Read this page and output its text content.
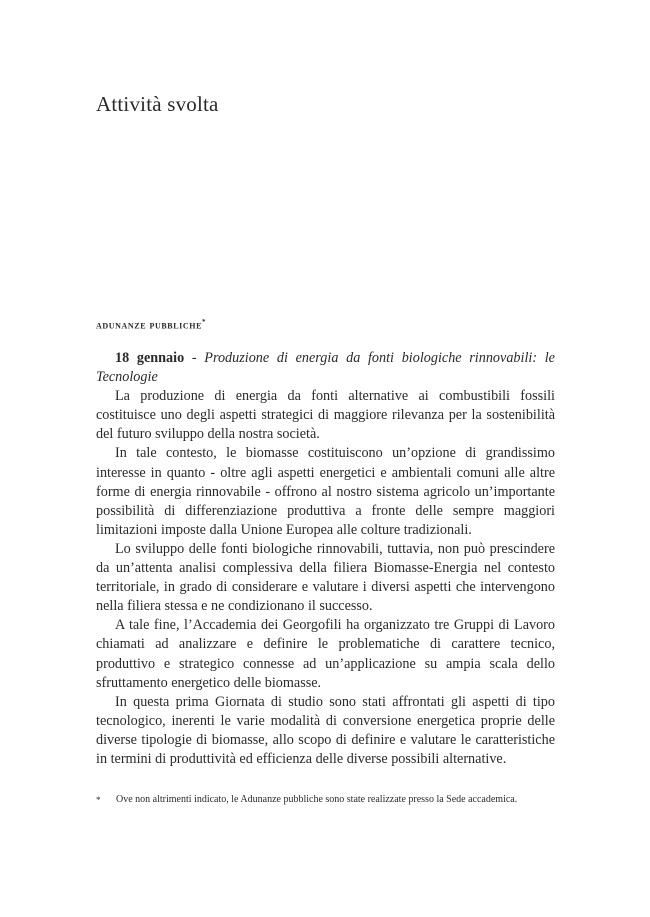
Attività svolta
adunanze pubbliche*

18 gennaio - Produzione di energia da fonti biologiche rinnovabili: le Tecnologie

La produzione di energia da fonti alternative ai combustibili fossili costituisce uno degli aspetti strategici di maggiore rilevanza per la sostenibilità del futuro sviluppo della nostra società.

In tale contesto, le biomasse costituiscono un’opzione di grandissimo interesse in quanto - oltre agli aspetti energetici e ambientali comuni alle altre forme di energia rinnovabile - offrono al nostro sistema agricolo un’importante possibilità di differenziazione produttiva a fronte delle sempre maggiori limitazioni imposte dalla Unione Europea alle colture tradizionali.

Lo sviluppo delle fonti biologiche rinnovabili, tuttavia, non può prescindere da un’attenta analisi complessiva della filiera Biomasse-Energia nel contesto territoriale, in grado di considerare e valutare i diversi aspetti che intervengono nella filiera stessa e ne condizionano il successo.

A tale fine, l’Accademia dei Georgofili ha organizzato tre Gruppi di Lavoro chiamati ad analizzare e definire le problematiche di carattere tecnico, produttivo e strategico connesse ad un’applicazione su ampia scala dello sfruttamento energetico delle biomasse.

In questa prima Giornata di studio sono stati affrontati gli aspetti di tipo tecnologico, inerenti le varie modalità di conversione energetica proprie delle diverse tipologie di biomasse, allo scopo di definire e valutare le caratteristiche in termini di produttività ed efficienza delle diverse possibili alternative.

* Ove non altrimenti indicato, le Adunanze pubbliche sono state realizzate presso la Sede accademica.
